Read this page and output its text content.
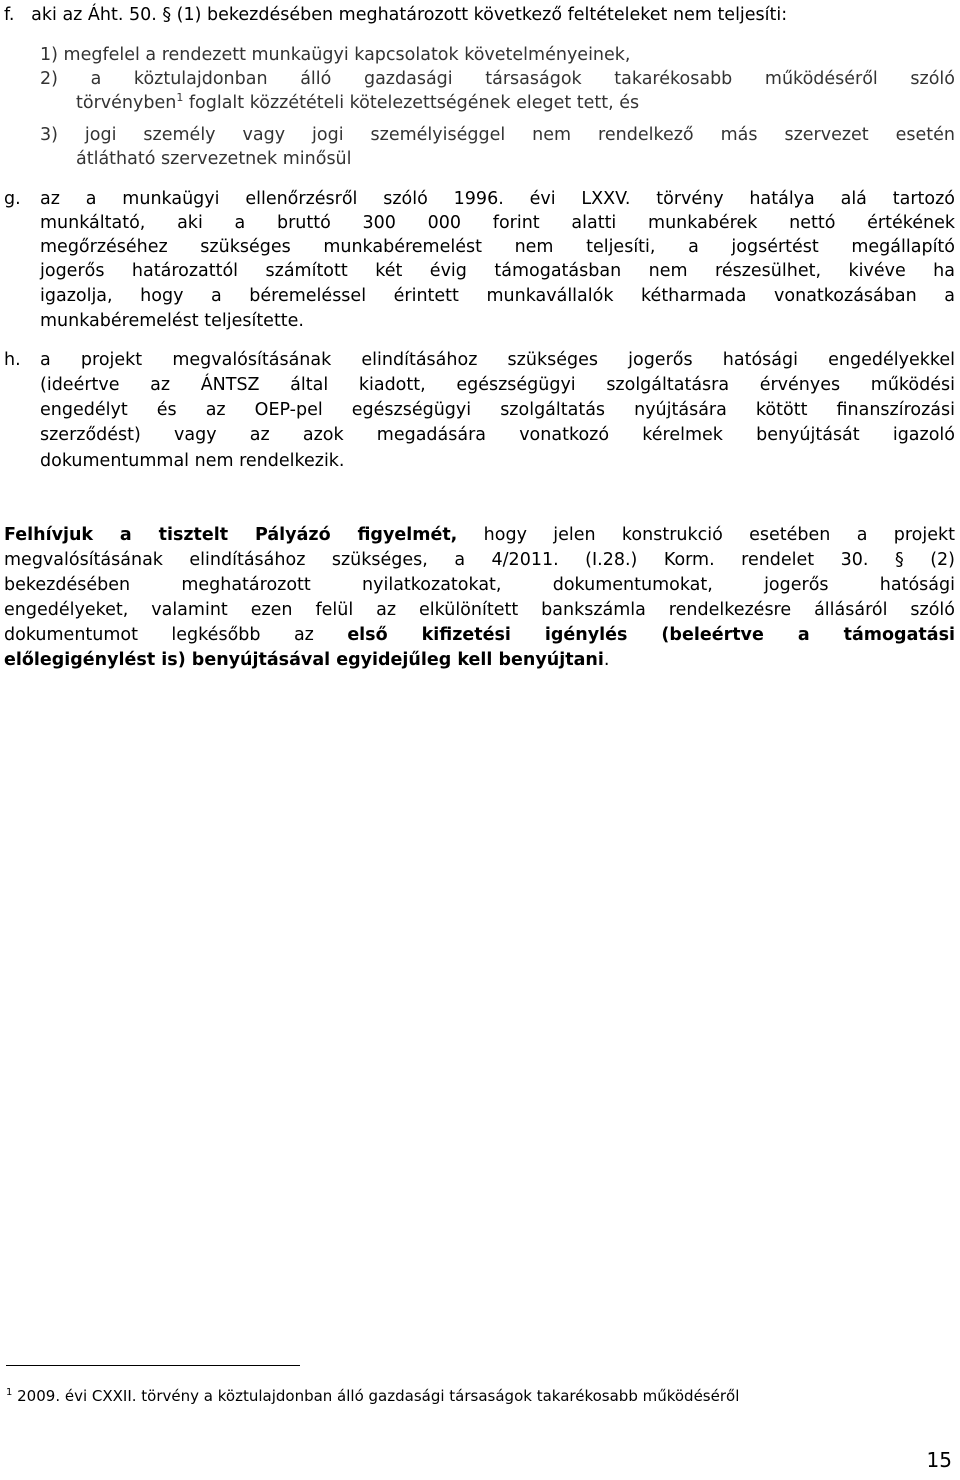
f. aki az Áht. 50. § (1) bekezdésében meghatározott következő feltételeket nem teljesíti:
1) megfelel a rendezett munkaügyi kapcsolatok követelményeinek,
2) a köztulajdonban álló gazdasági társaságok takarékosabb működéséről szóló
törvényben$^1$ foglalt közzétételi kötelezettségének eleget tett, és
3) jogi személy vagy jogi személyiséggel nem rendelkező más szervezet esetén
átlátható szervezetnek minősül
g. az a munkaügyi ellenőrzésről szóló 1996. évi LXXV. törvény hatálya alá tartozó
munkáltató, aki a bruttó 300 000 forint alatti munkabérek nettó értékének
megőrzéséhez szükséges munkabéremelést nem teljesíti, a jogsértést megállapító
jogerős határozattól számított két évig támogatásban nem részesülhet, kivéve ha
igazolja, hogy a béremeléssel érintett munkavállalók kétharmada vonatkozásában a
munkabéremelést teljesítette.
h. a projekt megvalósításának elindításához szükséges jogerős hatósági engedélyekkel
(ideértve az ÁNTSZ által kiadott, egészségügyi szolgáltatásra érvényes működési
engedélyt és az OEP-pel egészségügyi szolgáltatás nyújtására kötött finanszírozási
szerződést) vagy az azok megadására vonatkozó kérelmek benyújtását igazoló
dokumentummal nem rendelkezik.
Felhívjuk a tisztelt Pályázó figyelmét, hogy jelen konstrukció esetében a projekt
megvalósításának elindításához szükséges, a 4/2011. (I.28.) Korm. rendelet 30. § (2)
bekezdésében meghatározott nyilatkozatokat, dokumentumokat, jogerős hatósági
engedélyeket, valamint ezen felül az elkülönített bankszámla rendelkezésre állásáról szóló
dokumentumot legkésőbb az első kifizetési igénylés (beleértve a támogatási
előlegigénylést is) benyújtásával egyidejűleg kell benyújtani.
$^1$ 2009. évi CXXII. törvény a köztulajdonban álló gazdasági társaságok takarékosabb működéséről
15
